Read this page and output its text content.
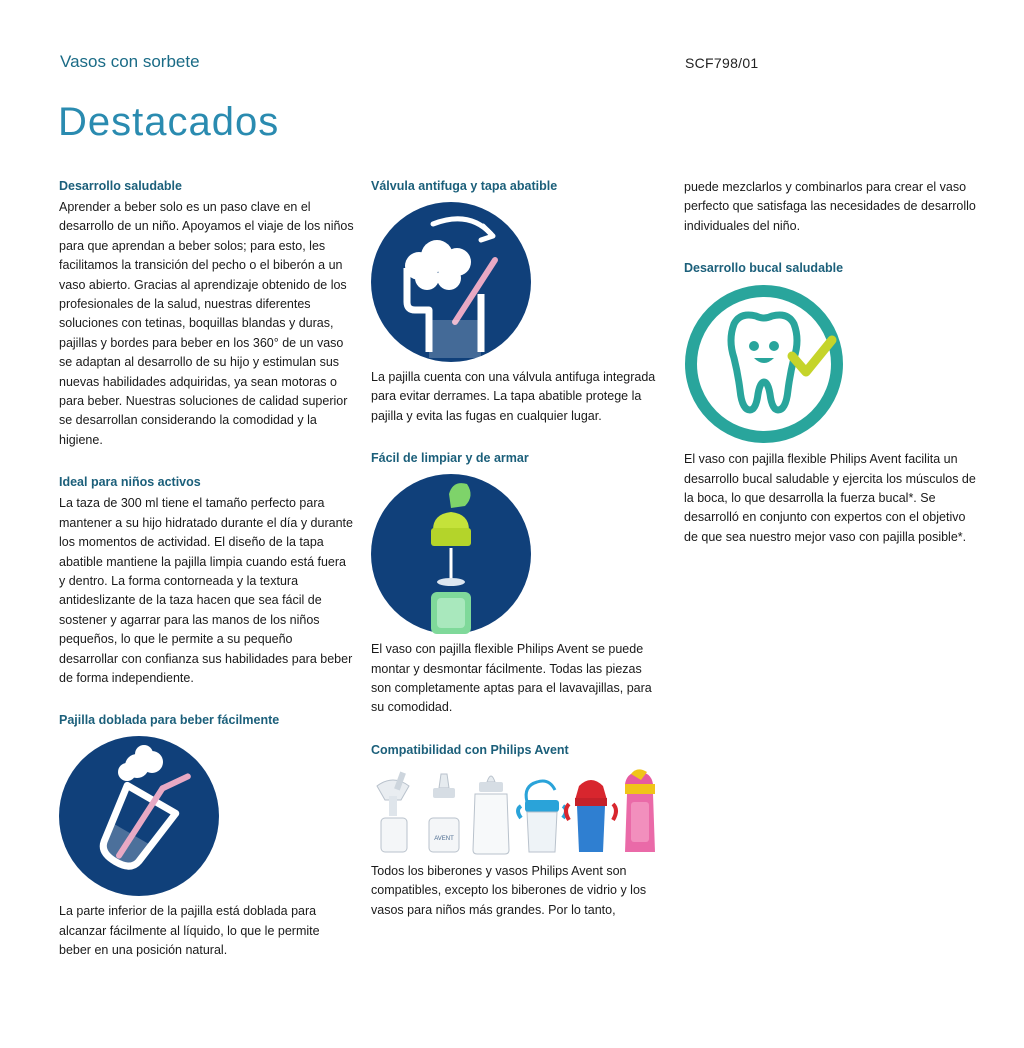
Vasos con sorbete	SCF798/01
Destacados
Desarrollo saludable

Aprender a beber solo es un paso clave en el desarrollo de un niño. Apoyamos el viaje de los niños para que aprendan a beber solos; para esto, les facilitamos la transición del pecho o el biberón a un vaso abierto. Gracias al aprendizaje obtenido de los profesionales de la salud, nuestras diferentes soluciones con tetinas, boquillas blandas y duras, pajillas y bordes para beber en los 360° de un vaso se adaptan al desarrollo de su hijo y estimulan sus nuevas habilidades adquiridas, ya sean motoras o para beber. Nuestras soluciones de calidad superior se desarrollan considerando la comodidad y la higiene.

Ideal para niños activos

La taza de 300 ml tiene el tamaño perfecto para mantener a su hijo hidratado durante el día y durante los momentos de actividad. El diseño de la tapa abatible mantiene la pajilla limpia cuando está fuera y dentro. La forma contorneada y la textura antideslizante de la taza hacen que sea fácil de sostener y agarrar para las manos de los niños pequeños, lo que le permite a su pequeño desarrollar con confianza sus habilidades para beber de forma independiente.

Pajilla doblada para beber fácilmente

La parte inferior de la pajilla está doblada para alcanzar fácilmente al líquido, lo que le permite beber en una posición natural.

Válvula antifuga y tapa abatible

La pajilla cuenta con una válvula antifuga integrada para evitar derrames. La tapa abatible protege la pajilla y evita las fugas en cualquier lugar.

Fácil de limpiar y de armar

El vaso con pajilla flexible Philips Avent se puede montar y desmontar fácilmente. Todas las piezas son completamente aptas para el lavavajillas, para su comodidad.

Compatibilidad con Philips Avent
AVENT

Todos los biberones y vasos Philips Avent son compatibles, excepto los biberones de vidrio y los vasos para niños más grandes. Por lo tanto,

puede mezclarlos y combinarlos para crear el vaso perfecto que satisfaga las necesidades de desarrollo individuales del niño.

Desarrollo bucal saludable

El vaso con pajilla flexible Philips Avent facilita un desarrollo bucal saludable y ejercita los músculos de la boca, lo que desarrolla la fuerza bucal*. Se desarrolló en conjunto con expertos con el objetivo de que sea nuestro mejor vaso con pajilla posible*.
